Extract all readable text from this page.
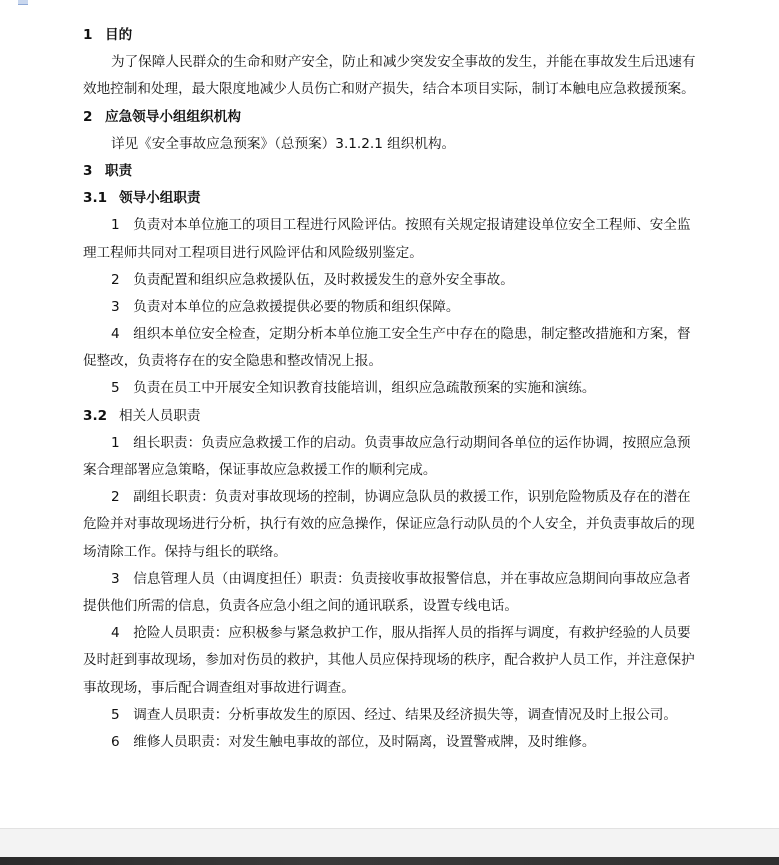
1 目的
为了保障人民群众的生命和财产安全，防止和减少突发安全事故的发生，并能在事故发生后迅速有
效地控制和处理，最大限度地减少人员伤亡和财产损失，结合本项目实际，制订本触电应急救援预案。
2 应急领导小组组织机构
详见《安全事故应急预案》（总预案）3.1.2.1 组织机构。
3 职责
3.1 领导小组职责
1　负责对本单位施工的项目工程进行风险评估。按照有关规定报请建设单位安全工程师、安全监
理工程师共同对工程项目进行风险评估和风险级别鉴定。
2　负责配置和组织应急救援队伍，及时救援发生的意外安全事故。
3　负责对本单位的应急救援提供必要的物质和组织保障。
4　组织本单位安全检查，定期分析本单位施工安全生产中存在的隐患，制定整改措施和方案，督
促整改，负责将存在的安全隐患和整改情况上报。
5　负责在员工中开展安全知识教育技能培训，组织应急疏散预案的实施和演练。
3.2 相关人员职责
1　组长职责：负责应急救援工作的启动。负责事故应急行动期间各单位的运作协调，按照应急预
案合理部署应急策略，保证事故应急救援工作的顺利完成。
2　副组长职责：负责对事故现场的控制，协调应急队员的救援工作，识别危险物质及存在的潜在
危险并对事故现场进行分析，执行有效的应急操作，保证应急行动队员的个人安全，并负责事故后的现
场清除工作。保持与组长的联络。
3　信息管理人员（由调度担任）职责：负责接收事故报警信息，并在事故应急期间向事故应急者
提供他们所需的信息，负责各应急小组之间的通讯联系，设置专线电话。
4　抢险人员职责：应积极参与紧急救护工作，服从指挥人员的指挥与调度，有救护经验的人员要
及时赶到事故现场，参加对伤员的救护，其他人员应保持现场的秩序，配合救护人员工作，并注意保护
事故现场，事后配合调查组对事故进行调查。
5　调查人员职责：分析事故发生的原因、经过、结果及经济损失等，调查情况及时上报公司。
6　维修人员职责：对发生触电事故的部位，及时隔离，设置警戒牌，及时维修。
